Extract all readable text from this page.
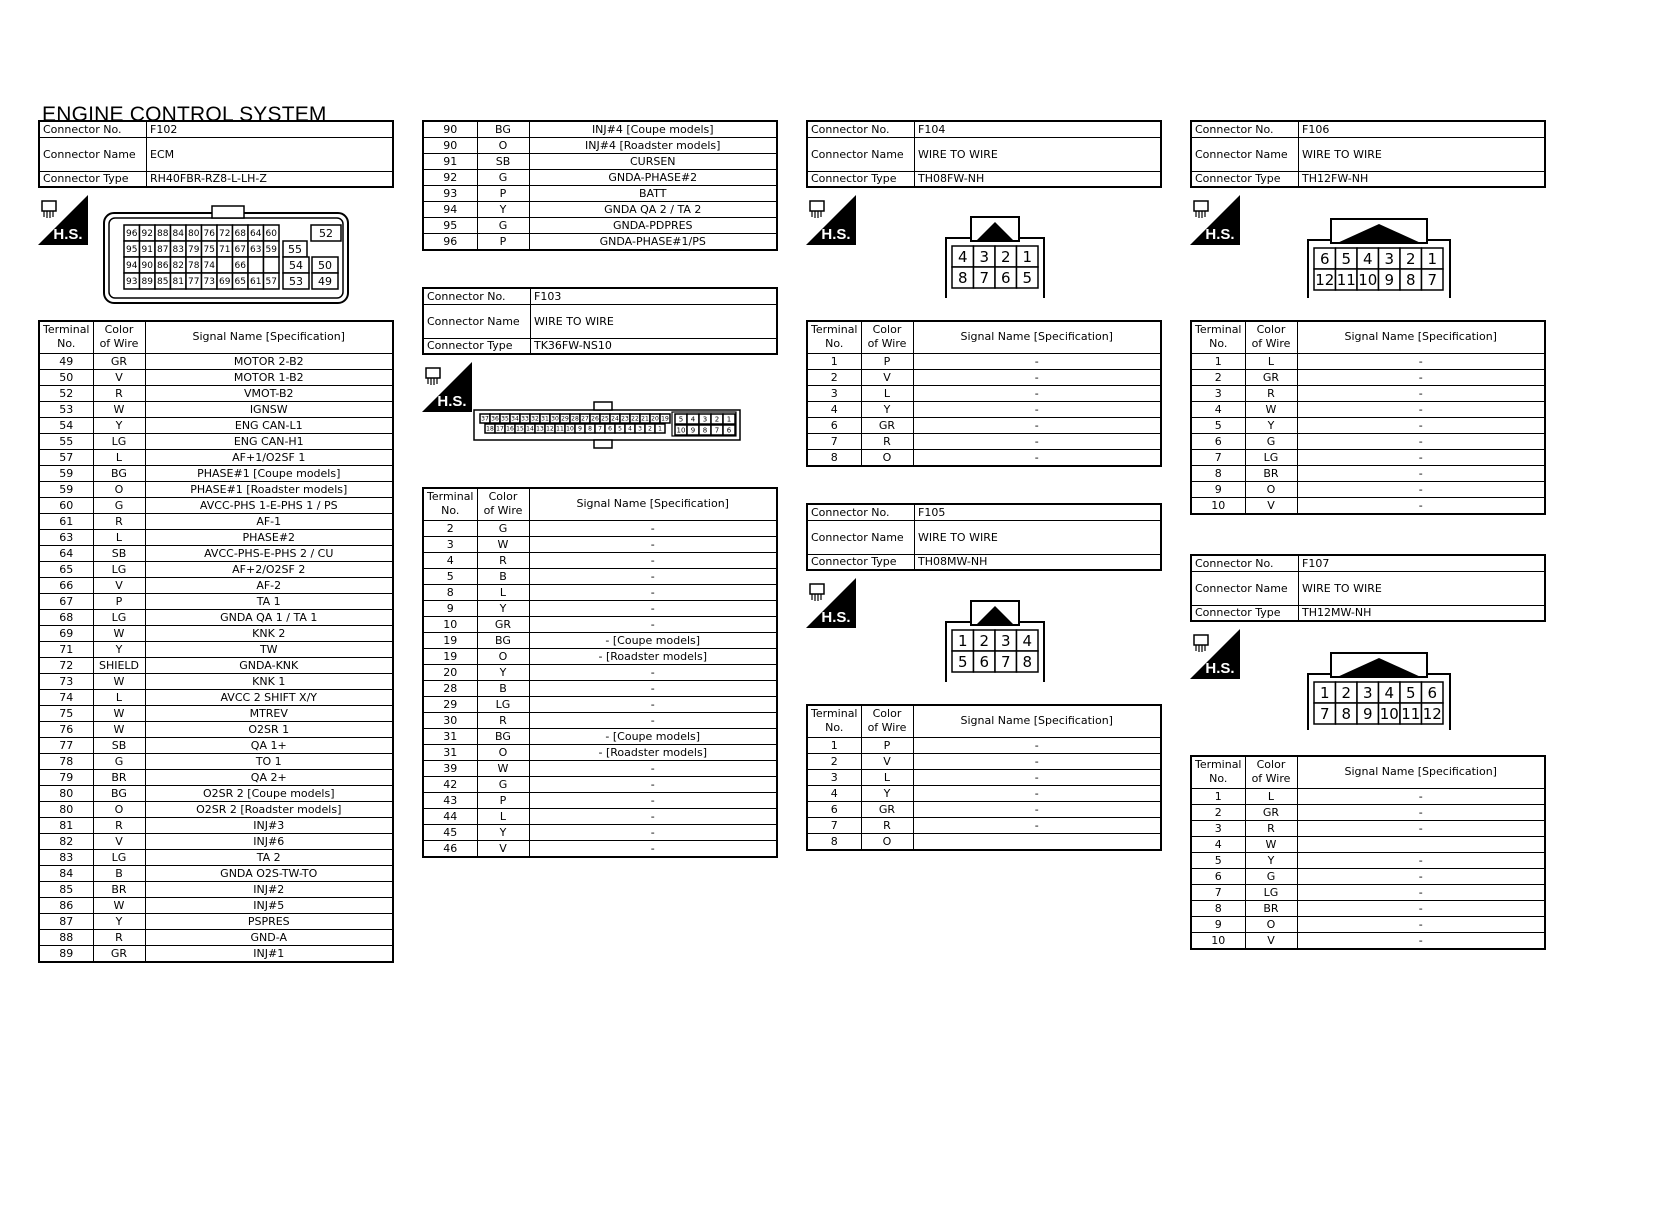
ENGINE CONTROL SYSTEM
Connector No.	F102
Connector Name	ECM
Connector Type	RH40FBR-RZ8-L-LH-Z
H.S.	96 92 88 84 80 76 72 68 64 60
95 91 87 83 79 75 71 67 63 59
94 90 86 82 78 74 66
93 89 85 81 77 73 69 65 61 57
52
55
54 50
53 49
Terminal
No.	Color
of Wire	Signal Name [Specification]
49	GR	MOTOR 2-B2
50	V	MOTOR 1-B2
52	R	VMOT-B2
53	W	IGNSW
54	Y	ENG CAN-L1
55	LG	ENG CAN-H1
57	L	AF+1/O2SF 1
59	BG	PHASE#1 [Coupe models]
59	O	PHASE#1 [Roadster models]
60	G	AVCC-PHS 1-E-PHS 1 / PS
61	R	AF-1
63	L	PHASE#2
64	SB	AVCC-PHS-E-PHS 2 / CU
65	LG	AF+2/O2SF 2
66	V	AF-2
67	P	TA 1
68	LG	GNDA QA 1 / TA 1
69	W	KNK 2
71	Y	TW
72	SHIELD	GNDA-KNK
73	W	KNK 1
74	L	AVCC 2 SHIFT X/Y
75	W	MTREV
76	W	O2SR 1
77	SB	QA 1+
78	G	TO 1
79	BR	QA 2+
80	BG	O2SR 2 [Coupe models]
80	O	O2SR 2 [Roadster models]
81	R	INJ#3
82	V	INJ#6
83	LG	TA 2
84	B	GNDA O2S-TW-TO
85	BR	INJ#2
86	W	INJ#5
87	Y	PSPRES
88	R	GND-A
89	GR	INJ#1
90	BG	INJ#4 [Coupe models]
90	O	INJ#4 [Roadster models]
91	SB	CURSEN
92	G	GNDA-PHASE#2
93	P	BATT
94	Y	GNDA QA 2 / TA 2
95	G	GNDA-PDPRES
96	P	GNDA-PHASE#1/PS
Connector No.	F103
Connector Name	WIRE TO WIRE
Connector Type	TK36FW-NS10
H.S.
37 36 35 34 33 32 31 30 29 28 27 26 25 24 23 22 21 20 19
18 17 16 15 14 13 12 11 10 9 8 7 6 5 4 3 2 1
5 4 3 2 1
10 9 8 7 6
Terminal
No.	Color
of Wire	Signal Name [Specification]
2	G	-
3	W	-
4	R	-
5	B	-
8	L	-
9	Y	-
10	GR	-
19	BG	- [Coupe models]
19	O	- [Roadster models]
20	Y	-
28	B	-
29	LG	-
30	R	-
31	BG	- [Coupe models]
31	O	- [Roadster models]
39	W	-
42	G	-
43	P	-
44	L	-
45	Y	-
46	V	-
Connector No.	F104
Connector Name	WIRE TO WIRE
Connector Type	TH08FW-NH
H.S.
4 3 2 1
8 7 6 5
Terminal
No.	Color
of Wire	Signal Name [Specification]
1	P	-
2	V	-
3	L	-
4	Y	-
6	GR	-
7	R	-
8	O	-
Connector No.	F105
Connector Name	WIRE TO WIRE
Connector Type	TH08MW-NH
H.S.
1 2 3 4
5 6 7 8
Terminal
No.	Color
of Wire	Signal Name [Specification]
1	P	-
2	V	-
3	L	-
4	Y	-
6	GR	-
7	R	-
8	O	
Connector No.	F106
Connector Name	WIRE TO WIRE
Connector Type	TH12FW-NH
H.S.
6 5 4 3 2 1
12 11 10 9 8 7
Terminal
No.	Color
of Wire	Signal Name [Specification]
1	L	-
2	GR	-
3	R	-
4	W	-
5	Y	-
6	G	-
7	LG	-
8	BR	-
9	O	-
10	V	-
Connector No.	F107
Connector Name	WIRE TO WIRE
Connector Type	TH12MW-NH
H.S.
1 2 3 4 5 6
7 8 9 10 11 12
Terminal
No.	Color
of Wire	Signal Name [Specification]
1	L	-
2	GR	-
3	R	-
4	W	
5	Y	-
6	G	-
7	LG	-
8	BR	-
9	O	-
10	V	-
